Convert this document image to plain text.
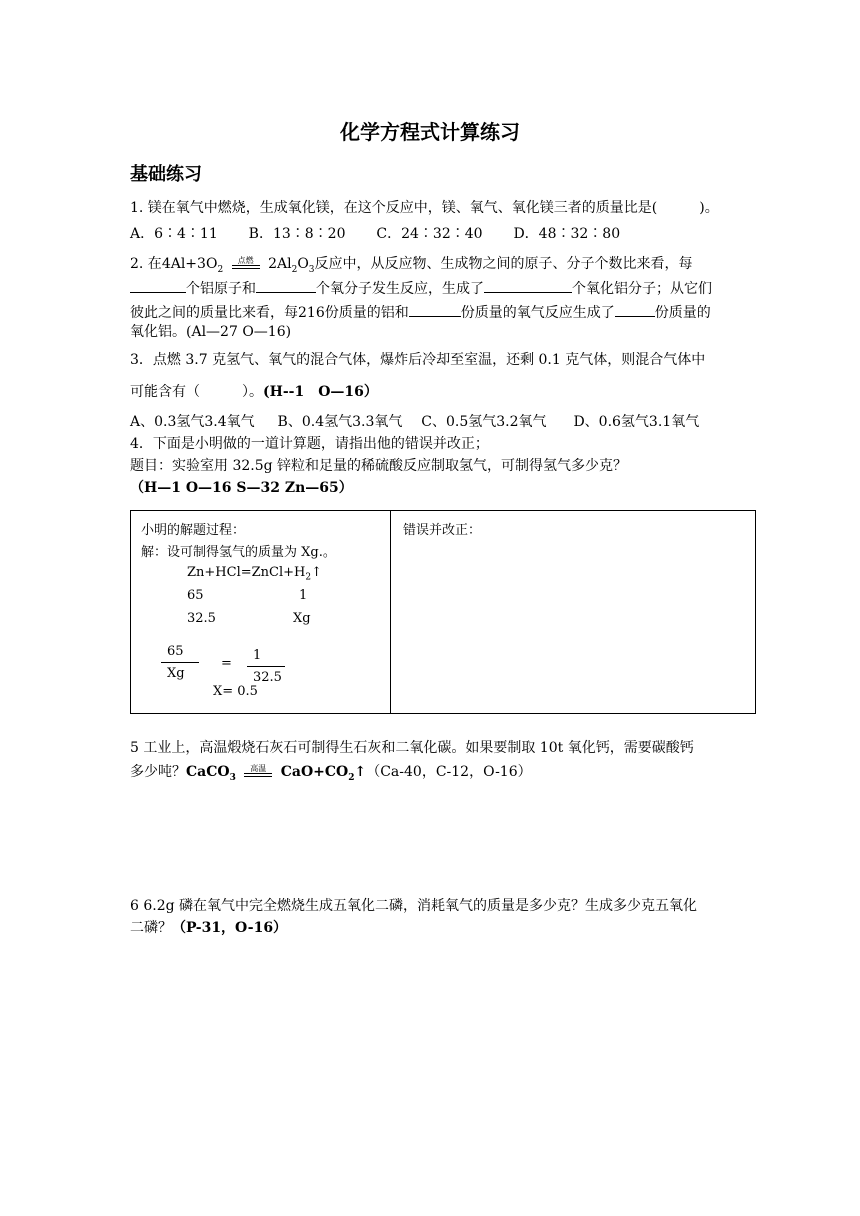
化学方程式计算练习
基础练习
1. 镁在氧气中燃烧，生成氧化镁，在这个反应中，镁、氧气、氧化镁三者的质量比是(　　　)。
A．6∶4∶11 B．13∶8∶20 C．24∶32∶40 D．48∶32∶80
2. 在$4Al+3O_2$
点燃	$2Al_2O_3$反应中，从反应物、生成物之间的原子、分子个数比来看，每
个铝原子和	个氧分子发生反应，生成了	个氧化铝分子；从它们
彼此之间的质量比来看，每216份质量的铝和	份质量的氧气反应生成了	份质量的
氧化铝。(Al—27 O—16)
3．点燃 3.7 克氢气、氧气的混合气体，爆炸后冷却至室温，还剩 0.1 克气体，则混合气体中
可能含有（　　　）。(H--1　O—16）
A、0.3氢气3.4氧气 B、0.4氢气3.3氧气 C、0.5氢气3.2氧气 D、0.6氢气3.1氧气
4．下面是小明做的一道计算题，请指出他的错误并改正；
题目：实验室用 32.5g 锌粒和足量的稀硫酸反应制取氢气，可制得氢气多少克？
（H—1 O—16 S—32 Zn—65）
小明的解题过程：
解：设可制得氢气的质量为 Xg.。
$Zn+HCl=ZnCl+H_2↑$
65	1
32.5	Xg
65
Xg
=
1
32.5
X= 0.5
错误并改正：
5 工业上，高温煅烧石灰石可制得生石灰和二氧化碳。如果要制取 10t 氧化钙，需要碳酸钙
多少吨？CaCO$_3$
高温	$CaO+CO_2↑(Ca-40$，C-12，O-16）
6 6.2g 磷在氧气中完全燃烧生成五氧化二磷，消耗氧气的质量是多少克？生成多少克五氧化
二磷？（P-31，O-16）
